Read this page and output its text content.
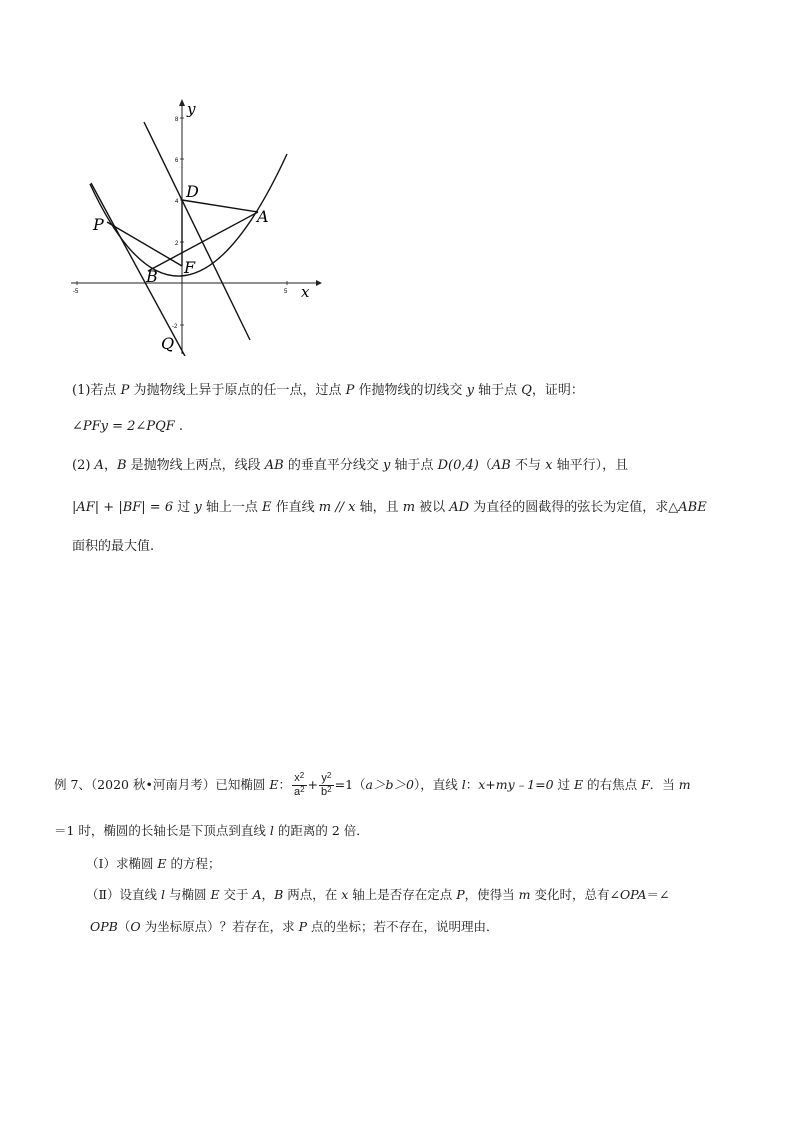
8
6
4
2
-2
-5	5
y
x
P
D
A
B F
Q
(1)若点 P 为抛物线上异于原点的任一点，过点 P 作抛物线的切线交 y 轴于点 Q，证明：
∠PFy = 2∠PQF .
(2) A，B 是抛物线上两点，线段 AB 的垂直平分线交 y 轴于点 D(0,4)（AB 不与 x 轴平行），且
|AF| + |BF| = 6 过 y 轴上一点 E 作直线 m // x 轴，且 m 被以 AD 为直径的圆截得的弦长为定值，求△ABE
面积的最大值.
例 7、（2020 秋•河南月考）已知椭圆 E： $\frac{x^2}{a^2} + \frac{y^2}{b^2} =1(a>b>0)$，直线 l：x+my﹣1=0 过 E 的右焦点 F．当 m
＝1 时，椭圆的长轴长是下顶点到直线 l 的距离的 2 倍．
（Ⅰ）求椭圆 E 的方程；
（Ⅱ）设直线 l 与椭圆 E 交于 A，B 两点，在 x 轴上是否存在定点 P，使得当 m 变化时，总有∠OPA＝∠
OPB（O 为坐标原点）？若存在，求 P 点的坐标；若不存在，说明理由．
